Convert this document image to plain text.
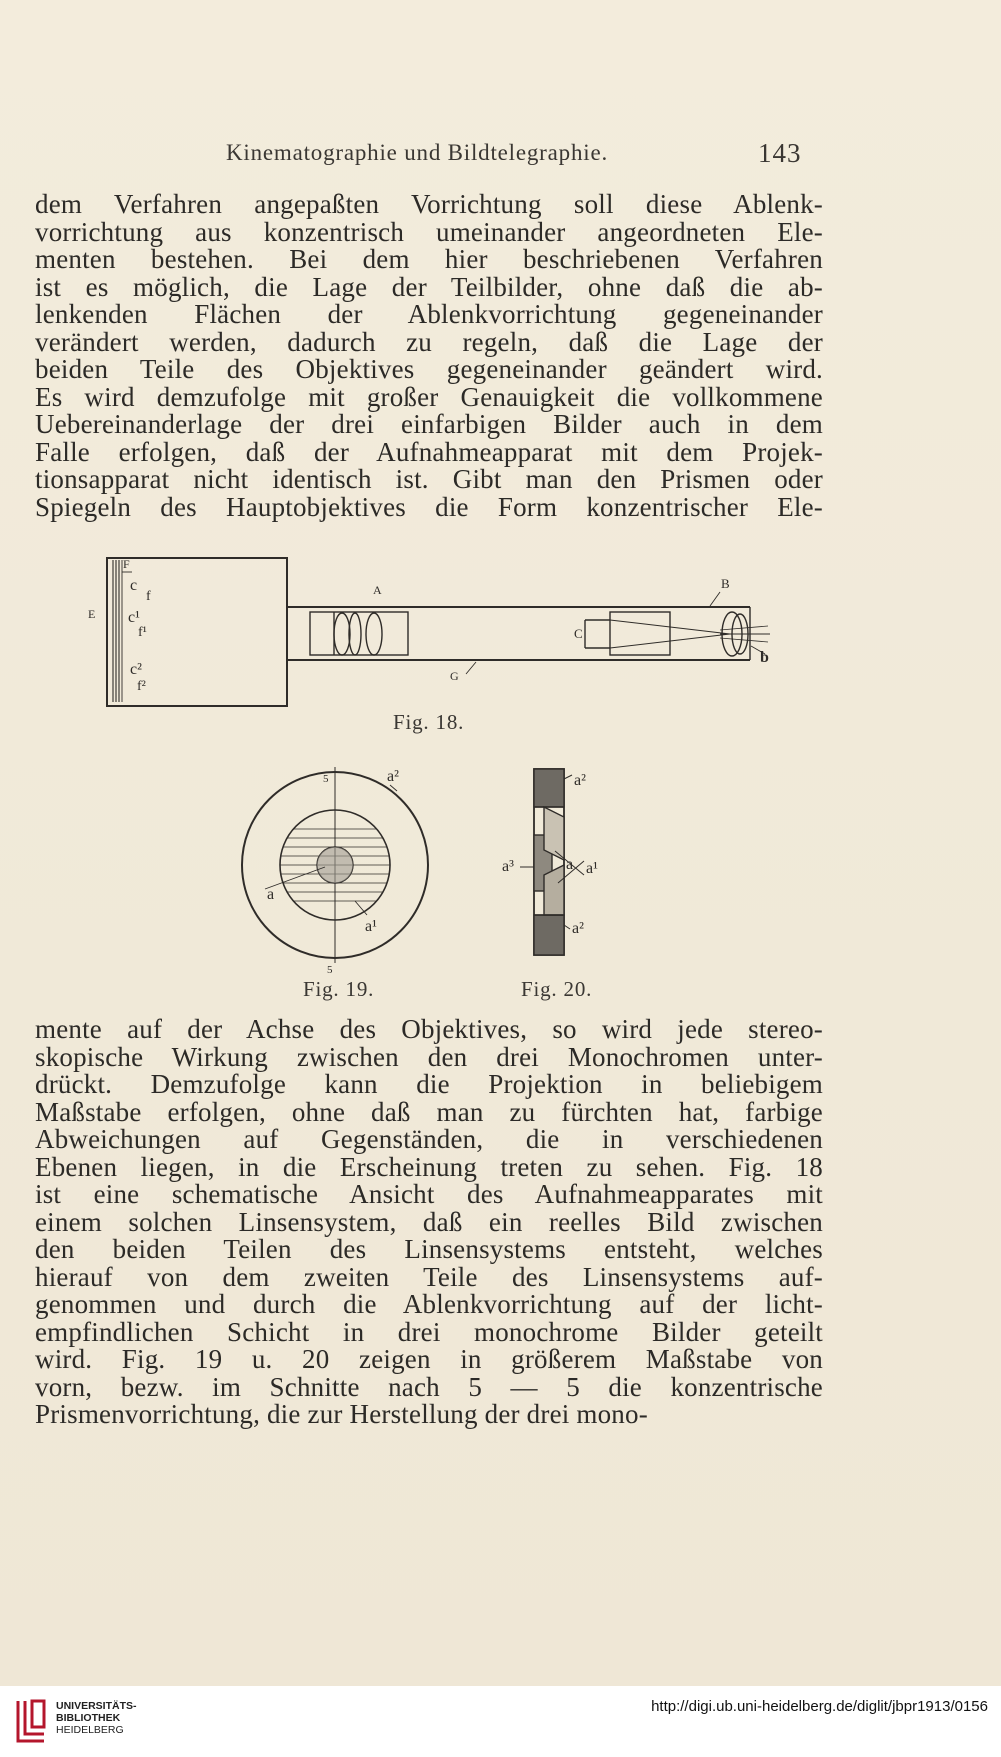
Kinematographie und Bildtelegraphie.	143
dem Verfahren angepaßten Vorrichtung soll diese Ablenk-
vorrichtung aus konzentrisch umeinander angeordneten Ele-
menten bestehen. Bei dem hier beschriebenen Verfahren
ist es möglich, die Lage der Teilbilder, ohne daß die ab-
lenkenden Flächen der Ablenkvorrichtung gegeneinander
verändert werden, dadurch zu regeln, daß die Lage der
beiden Teile des Objektives gegeneinander geändert wird.
Es wird demzufolge mit großer Genauigkeit die vollkommene
Uebereinanderlage der drei einfarbigen Bilder auch in dem
Falle erfolgen, daß der Aufnahmeapparat mit dem Projek-
tionsapparat nicht identisch ist. Gibt man den Prismen oder
Spiegeln des Hauptobjektives die Form konzentrischer Ele-
F
E
c
f
c¹
f¹
c²
f²
A	B
C
G
b
Fig. 18.
5
5
a²
a
a¹
Fig. 19.
a²
a³	a a¹
a²
Fig. 20.
mente auf der Achse des Objektives, so wird jede stereo-
skopische Wirkung zwischen den drei Monochromen unter-
drückt. Demzufolge kann die Projektion in beliebigem
Maßstabe erfolgen, ohne daß man zu fürchten hat, farbige
Abweichungen auf Gegenständen, die in verschiedenen
Ebenen liegen, in die Erscheinung treten zu sehen. Fig. 18
ist eine schematische Ansicht des Aufnahmeapparates mit
einem solchen Linsensystem, daß ein reelles Bild zwischen
den beiden Teilen des Linsensystems entsteht, welches
hierauf von dem zweiten Teile des Linsensystems auf-
genommen und durch die Ablenkvorrichtung auf der licht-
empfindlichen Schicht in drei monochrome Bilder geteilt
wird. Fig. 19 u. 20 zeigen in größerem Maßstabe von
vorn, bezw. im Schnitte nach 5 — 5 die konzentrische
Prismenvorrichtung, die zur Herstellung der drei mono-
UNIVERSITÄTS-
BIBLIOTHEK
HEIDELBERG
http://digi.ub.uni-heidelberg.de/diglit/jbpr1913/0156
